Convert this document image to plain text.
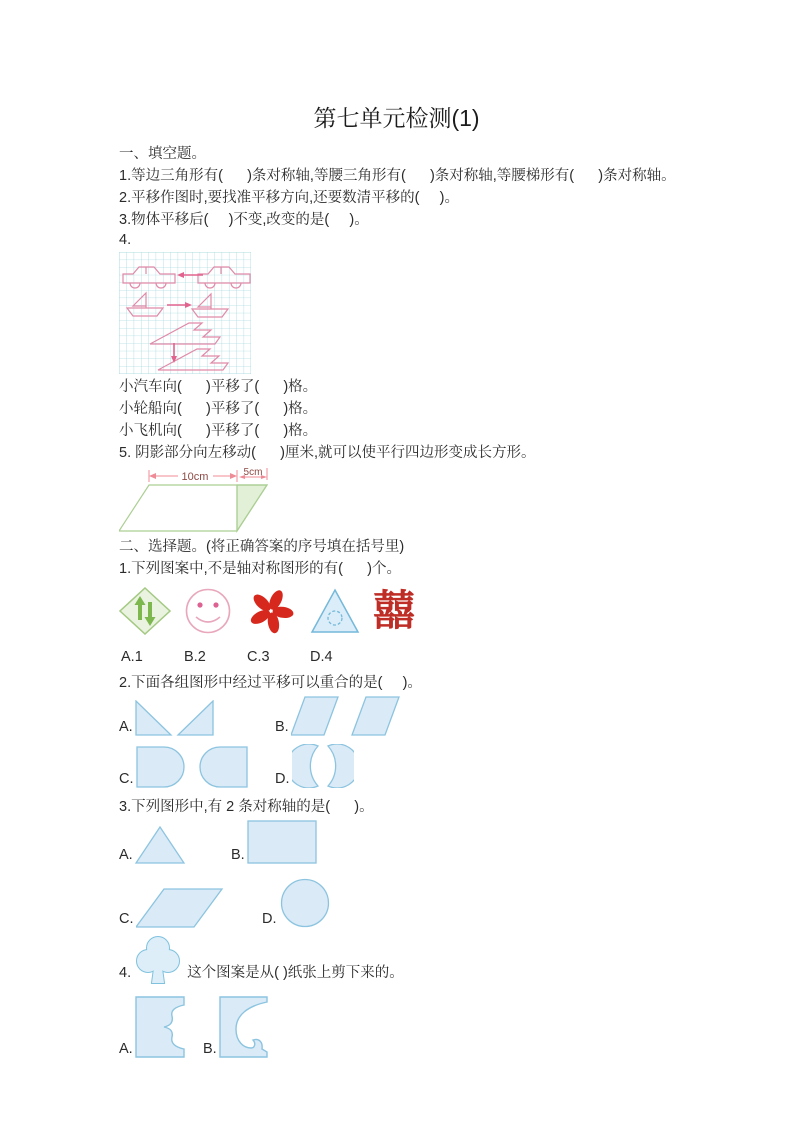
第七单元检测(1)
一、填空题。
1.等边三角形有(      )条对称轴,等腰三角形有(      )条对称轴,等腰梯形有(      )条对称轴。
2.平移作图时,要找准平移方向,还要数清平移的(     )。
3.物体平移后(     )不变,改变的是(     )。
4.
小汽车向(      )平移了(      )格。
小轮船向(      )平移了(      )格。
小飞机向(      )平移了(      )格。
5. 阴影部分向左移动(      )厘米,就可以使平行四边形变成长方形。
10cm	5cm
二、选择题。(将正确答案的序号填在括号里)
1.下列图案中,不是轴对称图形的有(      )个。
囍
A.1	B.2	C.3	D.4
2.下面各组图形中经过平移可以重合的是(     )。
A.	B.
C.	D.
3.下列图形中,有 2 条对称轴的是(      )。
A.	B.
C.	D.
4.	这个图案是从( )纸张上剪下来的。
A.	B.
